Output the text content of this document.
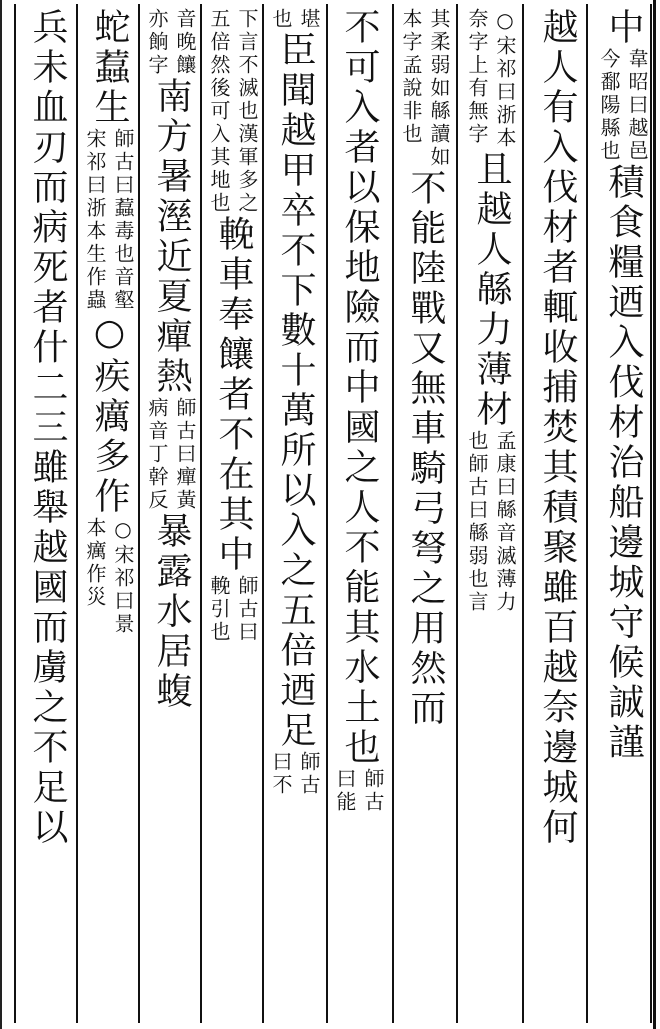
中
韋昭曰越邑
今鄱陽縣也
積食糧迺入伐材治船邊城守候誠謹
越人有入伐材者輒收捕焚其積聚雖百越奈邊城何
○宋祁曰浙本
奈字上有無字
且越人緜力薄材
孟康曰緜音滅薄力
也師古曰緜弱也言
其柔弱如緜讀如
本字孟說非也
不能陸戰又無車騎弓弩之用然而
不可入者以保地險而中國之人不能其水土也
師古
曰能
堪
也
臣聞越甲卒不下數十萬所以入之五倍迺足
師古
曰不
下言不滅也漢軍多之
五倍然後可入其地也
輓車奉饟者不在其中
師古曰
輓引也
音晚饟
亦餉字
南方暑溼近夏癉熱
師古曰癉黃
病音丁幹反
暴露水居蝮
蛇蠚生
師古曰蠚毒也音壑
宋祁曰浙本生作蟲
○疾癘多作
○宋祁曰景
本癘作災
兵未血刃而病死者什二三雖舉越國而虜之不足以
